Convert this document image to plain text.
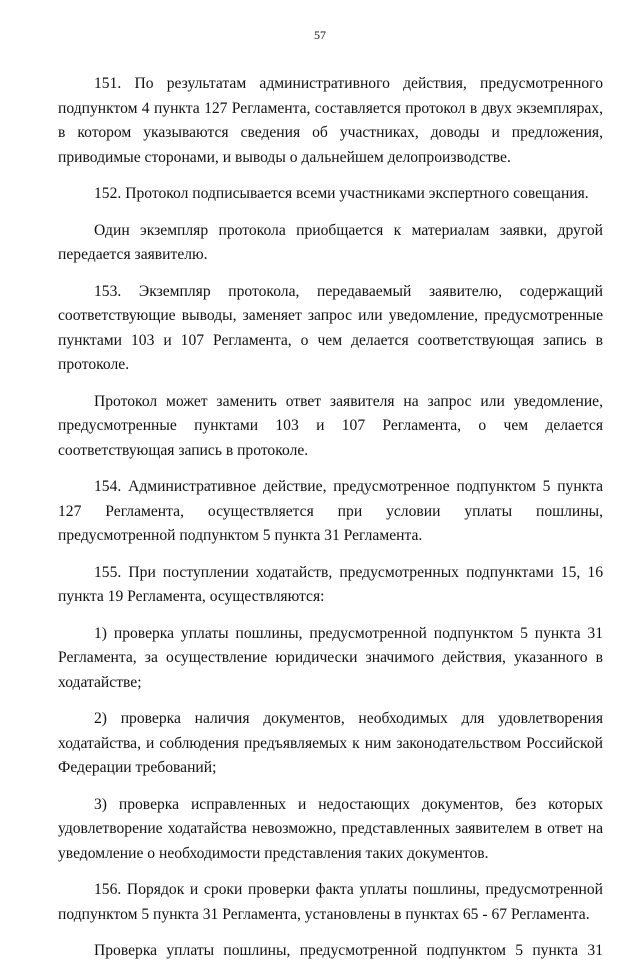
57

151. По результатам административного действия, предусмотренного подпунктом 4 пункта 127 Регламента, составляется протокол в двух экземплярах, в котором указываются сведения об участниках, доводы и предложения, приводимые сторонами, и выводы о дальнейшем делопроизводстве.

152. Протокол подписывается всеми участниками экспертного совещания.

Один экземпляр протокола приобщается к материалам заявки, другой передается заявителю.

153. Экземпляр протокола, передаваемый заявителю, содержащий соответствующие выводы, заменяет запрос или уведомление, предусмотренные пунктами 103 и 107 Регламента, о чем делается соответствующая запись в протоколе.

Протокол может заменить ответ заявителя на запрос или уведомление, предусмотренные пунктами 103 и 107 Регламента, о чем делается соответствующая запись в протоколе.

154. Административное действие, предусмотренное подпунктом 5 пункта 127 Регламента, осуществляется при условии уплаты пошлины, предусмотренной подпунктом 5 пункта 31 Регламента.

155. При поступлении ходатайств, предусмотренных подпунктами 15, 16 пункта 19 Регламента, осуществляются:

1) проверка уплаты пошлины, предусмотренной подпунктом 5 пункта 31 Регламента, за осуществление юридически значимого действия, указанного в ходатайстве;

2) проверка наличия документов, необходимых для удовлетворения ходатайства, и соблюдения предъявляемых к ним законодательством Российской Федерации требований;

3) проверка исправленных и недостающих документов, без которых удовлетворение ходатайства невозможно, представленных заявителем в ответ на уведомление о необходимости представления таких документов.

156. Порядок и сроки проверки факта уплаты пошлины, предусмотренной подпунктом 5 пункта 31 Регламента, установлены в пунктах 65 - 67 Регламента.

Проверка уплаты пошлины, предусмотренной подпунктом 5 пункта 31
